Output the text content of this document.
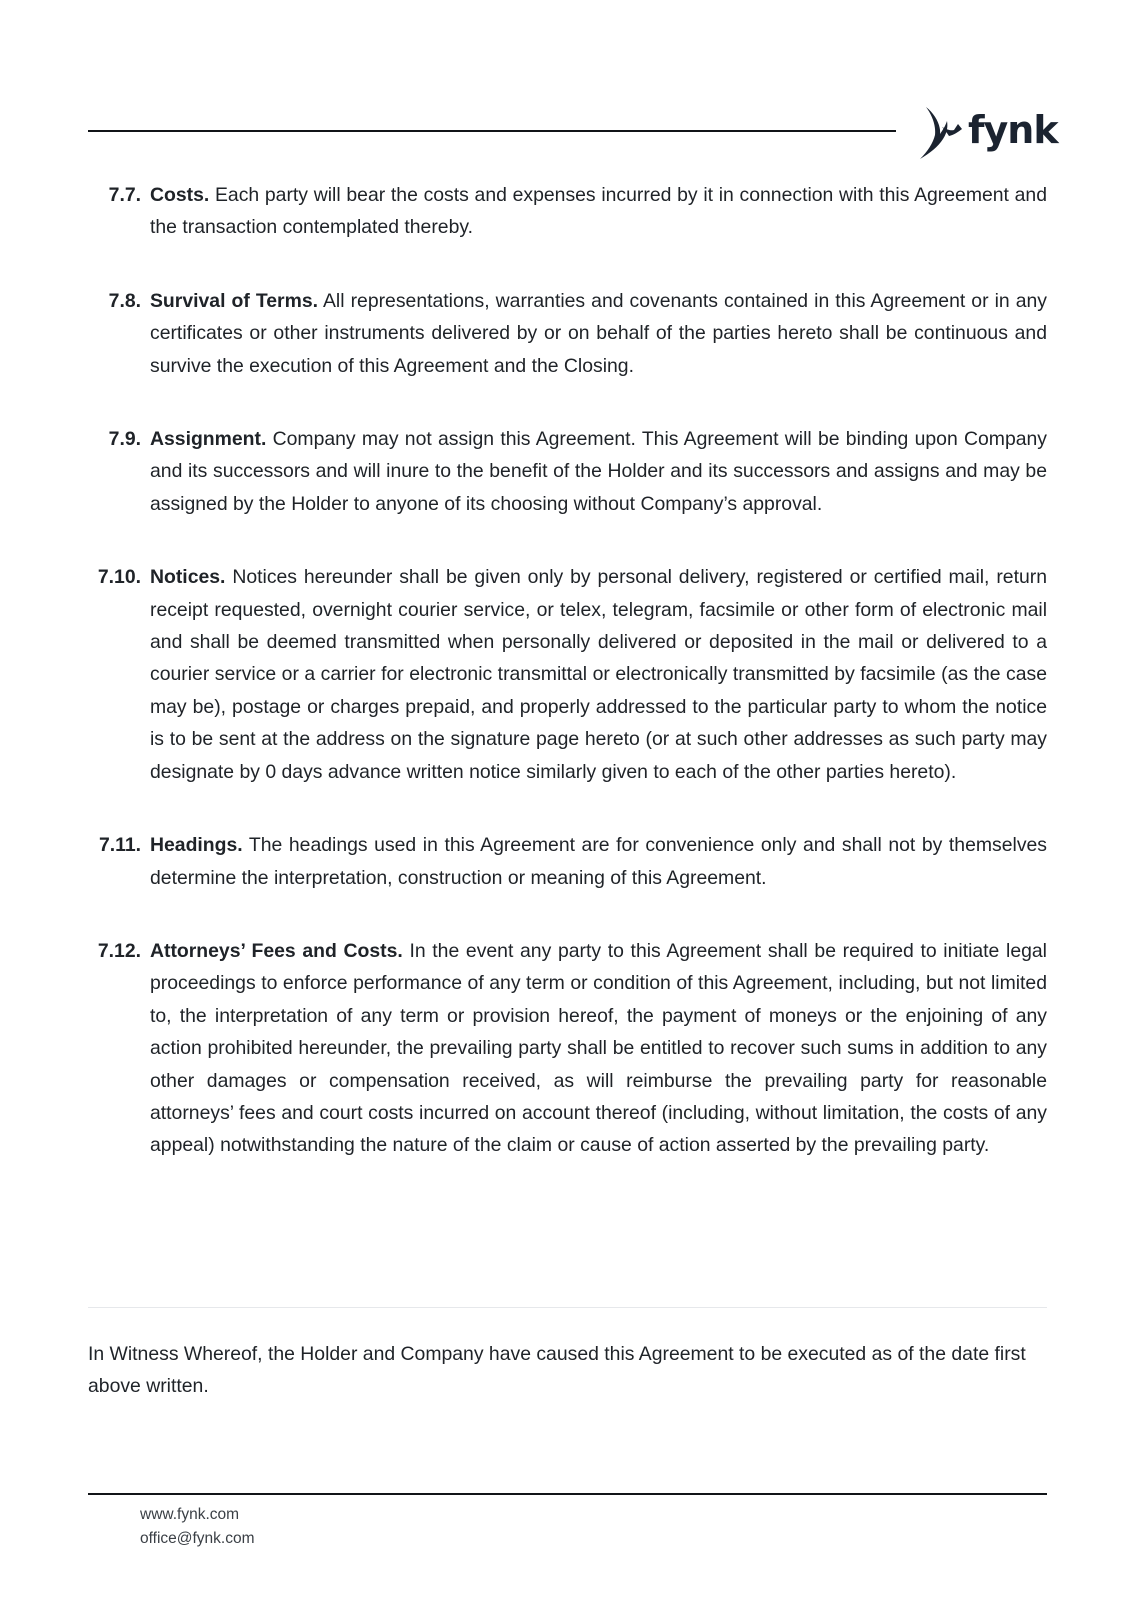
fynk
7.7. Costs. Each party will bear the costs and expenses incurred by it in connection with this Agreement and the transaction contemplated thereby.
7.8. Survival of Terms. All representations, warranties and covenants contained in this Agreement or in any certificates or other instruments delivered by or on behalf of the parties hereto shall be continuous and survive the execution of this Agreement and the Closing.
7.9. Assignment. Company may not assign this Agreement. This Agreement will be binding upon Company and its successors and will inure to the benefit of the Holder and its successors and assigns and may be assigned by the Holder to anyone of its choosing without Company’s approval.
7.10. Notices. Notices hereunder shall be given only by personal delivery, registered or certified mail, return receipt requested, overnight courier service, or telex, telegram, facsimile or other form of electronic mail and shall be deemed transmitted when personally delivered or deposited in the mail or delivered to a courier service or a carrier for electronic transmittal or electronically transmitted by facsimile (as the case may be), postage or charges prepaid, and properly addressed to the particular party to whom the notice is to be sent at the address on the signature page hereto (or at such other addresses as such party may designate by 0 days advance written notice similarly given to each of the other parties hereto).
7.11. Headings. The headings used in this Agreement are for convenience only and shall not by themselves determine the interpretation, construction or meaning of this Agreement.
7.12. Attorneys’ Fees and Costs. In the event any party to this Agreement shall be required to initiate legal proceedings to enforce performance of any term or condition of this Agreement, including, but not limited to, the interpretation of any term or provision hereof, the payment of moneys or the enjoining of any action prohibited hereunder, the prevailing party shall be entitled to recover such sums in addition to any other damages or compensation received, as will reimburse the prevailing party for reasonable attorneys’ fees and court costs incurred on account thereof (including, without limitation, the costs of any appeal) notwithstanding the nature of the claim or cause of action asserted by the prevailing party.
In Witness Whereof, the Holder and Company have caused this Agreement to be executed as of the date first above written.
www.fynk.com
office@fynk.com
